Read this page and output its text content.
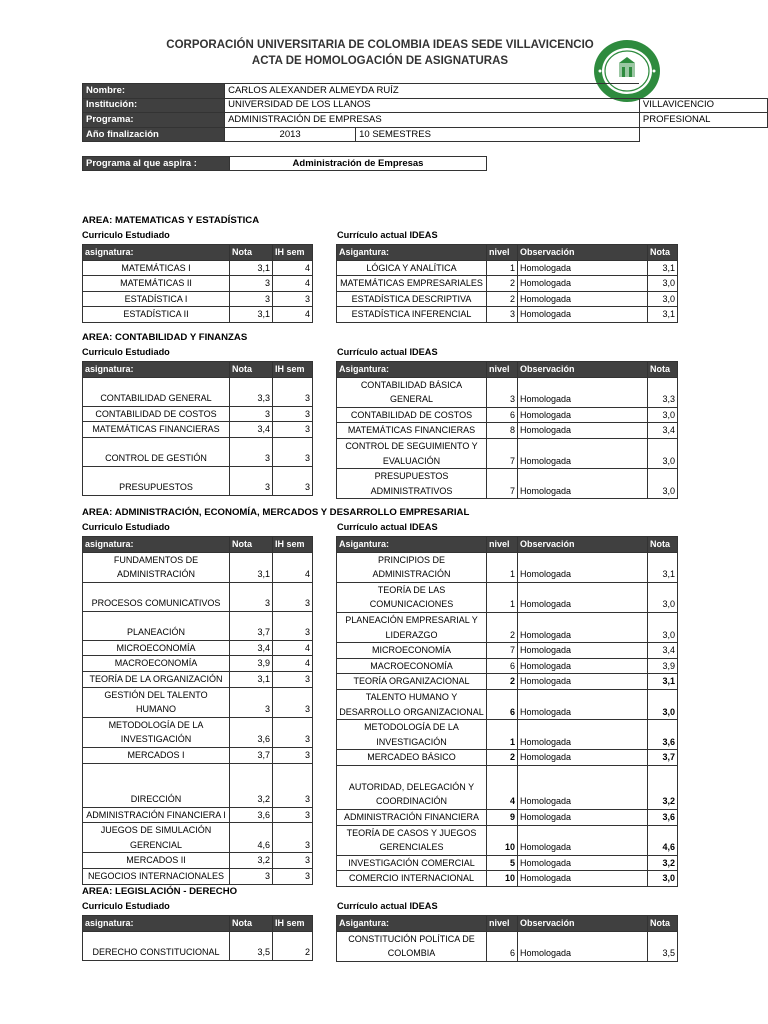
CORPORACIÓN UNIVERSITARIA DE COLOMBIA IDEAS SEDE VILLAVICENCIO
ACTA DE HOMOLOGACIÓN DE ASIGNATURAS
Nombre:	CARLOS ALEXANDER ALMEYDA RUÍZ		
Institución:	UNIVERSIDAD DE LOS LLANOS		VILLAVICENCIO
Programa:	ADMINISTRACIÓN DE EMPRESAS		PROFESIONAL
Año finalización	2013	10 SEMESTRES	
Programa al que aspira :	Administración de Empresas
AREA: MATEMATICAS Y ESTADÍSTICA
Curriculo Estudiado	Currículo actual IDEAS
asignatura:	Nota	IH sem
MATEMÁTICAS I	3,1	4
MATEMÁTICAS II	3	4
ESTADÍSTICA I	3	3
ESTADÍSTICA II	3,1	4
Asigantura:	nivel	Observación	Nota
LÓGICA Y ANALÍTICA	1	Homologada	3,1
MATEMÁTICAS EMPRESARIALES	2	Homologada	3,0
ESTADÍSTICA DESCRIPTIVA	2	Homologada	3,0
ESTADÍSTICA INFERENCIAL	3	Homologada	3,1
AREA: CONTABILIDAD Y FINANZAS
Curriculo Estudiado	Currículo actual IDEAS
asignatura:	Nota	IH sem
CONTABILIDAD GENERAL	3,3	3
CONTABILIDAD DE COSTOS	3	3
MATEMÁTICAS FINANCIERAS	3,4	3
CONTROL DE GESTIÓN	3	3
PRESUPUESTOS	3	3
Asigantura:	nivel	Observación	Nota
CONTABILIDAD BÁSICA GENERAL	3	Homologada	3,3
CONTABILIDAD DE COSTOS	6	Homologada	3,0
MATEMÁTICAS FINANCIERAS	8	Homologada	3,4
CONTROL DE SEGUIMIENTO Y EVALUACIÓN	7	Homologada	3,0
PRESUPUESTOS ADMINISTRATIVOS	7	Homologada	3,0
AREA: ADMINISTRACIÓN, ECONOMÍA, MERCADOS Y DESARROLLO EMPRESARIAL
Curriculo Estudiado	Currículo actual IDEAS
asignatura:	Nota	IH sem
FUNDAMENTOS DE ADMINISTRACIÓN	3,1	4
PROCESOS COMUNICATIVOS	3	3
PLANEACIÓN	3,7	3
MICROECONOMÍA	3,4	4
MACROECONOMÍA	3,9	4
TEORÍA DE LA ORGANIZACIÓN	3,1	3
GESTIÓN DEL TALENTO HUMANO	3	3
METODOLOGÍA DE LA INVESTIGACIÓN	3,6	3
MERCADOS I	3,7	3
DIRECCIÓN	3,2	3
ADMINISTRACIÓN FINANCIERA I	3,6	3
JUEGOS DE SIMULACIÓN GERENCIAL	4,6	3
MERCADOS II	3,2	3
NEGOCIOS INTERNACIONALES	3	3
Asigantura:	nivel	Observación	Nota
PRINCIPIOS DE ADMINISTRACIÓN	1	Homologada	3,1
TEORÍA DE LAS COMUNICACIONES	1	Homologada	3,0
PLANEACIÓN EMPRESARIAL Y LIDERAZGO	2	Homologada	3,0
MICROECONOMÍA	7	Homologada	3,4
MACROECONOMÍA	6	Homologada	3,9
TEORÍA ORGANIZACIONAL	2	Homologada	3,1
TALENTO HUMANO Y DESARROLLO ORGANIZACIONAL	6	Homologada	3,0
METODOLOGÍA DE LA INVESTIGACIÓN	1	Homologada	3,6
MERCADEO BÁSICO	2	Homologada	3,7
AUTORIDAD, DELEGACIÓN Y COORDINACIÓN	4	Homologada	3,2
ADMINISTRACIÓN FINANCIERA	9	Homologada	3,6
TEORÍA DE CASOS Y JUEGOS GERENCIALES	10	Homologada	4,6
INVESTIGACIÓN COMERCIAL	5	Homologada	3,2
COMERCIO INTERNACIONAL	10	Homologada	3,0
AREA: LEGISLACIÓN - DERECHO
Curriculo Estudiado	Currículo actual IDEAS
asignatura:	Nota	IH sem
DERECHO CONSTITUCIONAL	3,5	2
Asigantura:	nivel	Observación	Nota
CONSTITUCIÓN POLÍTICA DE COLOMBIA	6	Homologada	3,5
